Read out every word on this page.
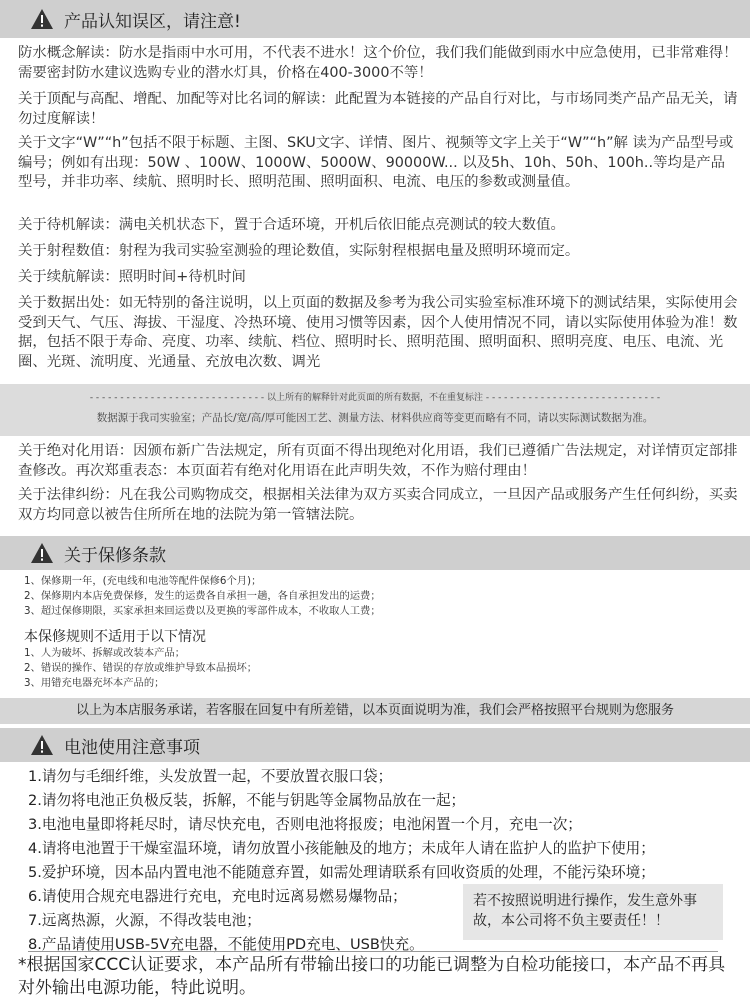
产品认知误区，请注意!
防水概念解读：防水是指雨中水可用，不代表不进水！这个价位，我们我们能做到雨水中应急使用，已非常难得！需要密封防水建议选购专业的潜水灯具，价格在400-3000不等！
关于顶配与高配、增配、加配等对比名词的解读：此配置为本链接的产品自行对比，与市场同类产品产品无关，请勿过度解读！
关于文字“W”“h”包括不限于标题、主图、SKU文字、详情、图片、视频等文字上关于“W”“h”解 读为产品型号或编号；例如有出现：50W 、100W、1000W、5000W、90000W... 以及5h、10h、50h、100h..等均是产品型号，并非功率、续航、照明时长、照明范围、照明面积、电流、电压的参数或测量值。
关于待机解读：满电关机状态下，置于合适环境，开机后依旧能点亮测试的较大数值。
关于射程数值：射程为我司实验室测验的理论数值，实际射程根据电量及照明环境而定。
关于续航解读：照明时间+待机时间
关于数据出处：如无特别的备注说明，以上页面的数据及参考为我公司实验室标准环境下的测试结果，实际使用会受到天气、气压、海拔、干湿度、冷热环境、使用习惯等因素，因个人使用情况不同，请以实际使用体验为准！数据，包括不限于寿命、亮度、功率、续航、档位、照明时长、照明范围、照明面积、照明亮度、电压、电流、光圈、光斑、流明度、光通量、充放电次数、调光
- - - - - - - - - - - - - - - - - - - - - - - - - - - - - 以上所有的解释针对此页面的所有数据，不在重复标注 - - - - - - - - - - - - - - - - - - - - - - - - - - - - -
数据源于我司实验室；产品长/宽/高/厚可能因工艺、测量方法、材料供应商等变更而略有不同，请以实际测试数据为准。
关于绝对化用语：因颁布新广告法规定，所有页面不得出现绝对化用语，我们已遵循广告法规定，对详情页定部排查修改。再次郑重表态：本页面若有绝对化用语在此声明失效，不作为赔付理由！
关于法律纠纷：凡在我公司购物成交，根据相关法律为双方买卖合同成立，一旦因产品或服务产生任何纠纷，买卖双方均同意以被告住所所在地的法院为第一管辖法院。
关于保修条款
1、保修期一年，(充电线和电池等配件保修6个月)；
2、保修期内本店免费保修，发生的运费各自承担一趟，各自承担发出的运费；
3、超过保修期限，买家承担来回运费以及更换的零部件成本，不收取人工费；
本保修规则不适用于以下情况
1、人为破坏、拆解或改装本产品；
2、错误的操作、错误的存放或维护导致本品损坏；
3、用错充电器充坏本产品的；
以上为本店服务承诺，若客服在回复中有所差错，以本页面说明为准，我们会严格按照平台规则为您服务
电池使用注意事项
1.请勿与毛细纤维，头发放置一起，不要放置衣服口袋；
2.请勿将电池正负极反装，拆解，不能与钥匙等金属物品放在一起；
3.电池电量即将耗尽时，请尽快充电，否则电池将报废；电池闲置一个月，充电一次；
4.请将电池置于干燥室温环境，请勿放置小孩能触及的地方；未成年人请在监护人的监护下使用；
5.爱护环境，因本品内置电池不能随意弃置，如需处理请联系有回收资质的处理，不能污染环境；
6.请使用合规充电器进行充电，充电时远离易燃易爆物品；
7.远离热源，火源，不得改装电池；
8.产品请使用USB-5V充电器，不能使用PD充电、USB快充。
若不按照说明进行操作，发生意外事故，本公司将不负主要责任！！
*根据国家CCC认证要求，本产品所有带输出接口的功能已调整为自检功能接口，本产品不再具对外输出电源功能，特此说明。
